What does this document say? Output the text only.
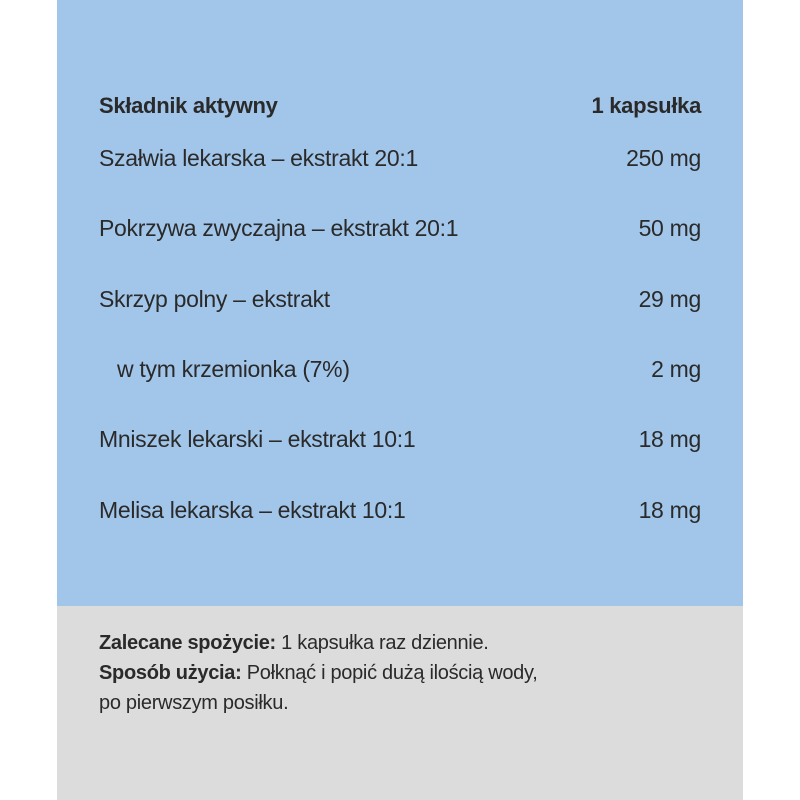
Składnik aktywny	1 kapsułka
Szałwia lekarska – ekstrakt 20:1	250 mg
Pokrzywa zwyczajna – ekstrakt 20:1	50 mg
Skrzyp polny – ekstrakt	29 mg
w tym krzemionka (7%)	2 mg
Mniszek lekarski – ekstrakt 10:1	18 mg
Melisa lekarska – ekstrakt 10:1	18 mg

Zalecane spożycie: 1 kapsułka raz dziennie.

Sposób użycia: Połknąć i popić dużą ilością wody,

po pierwszym posiłku.
